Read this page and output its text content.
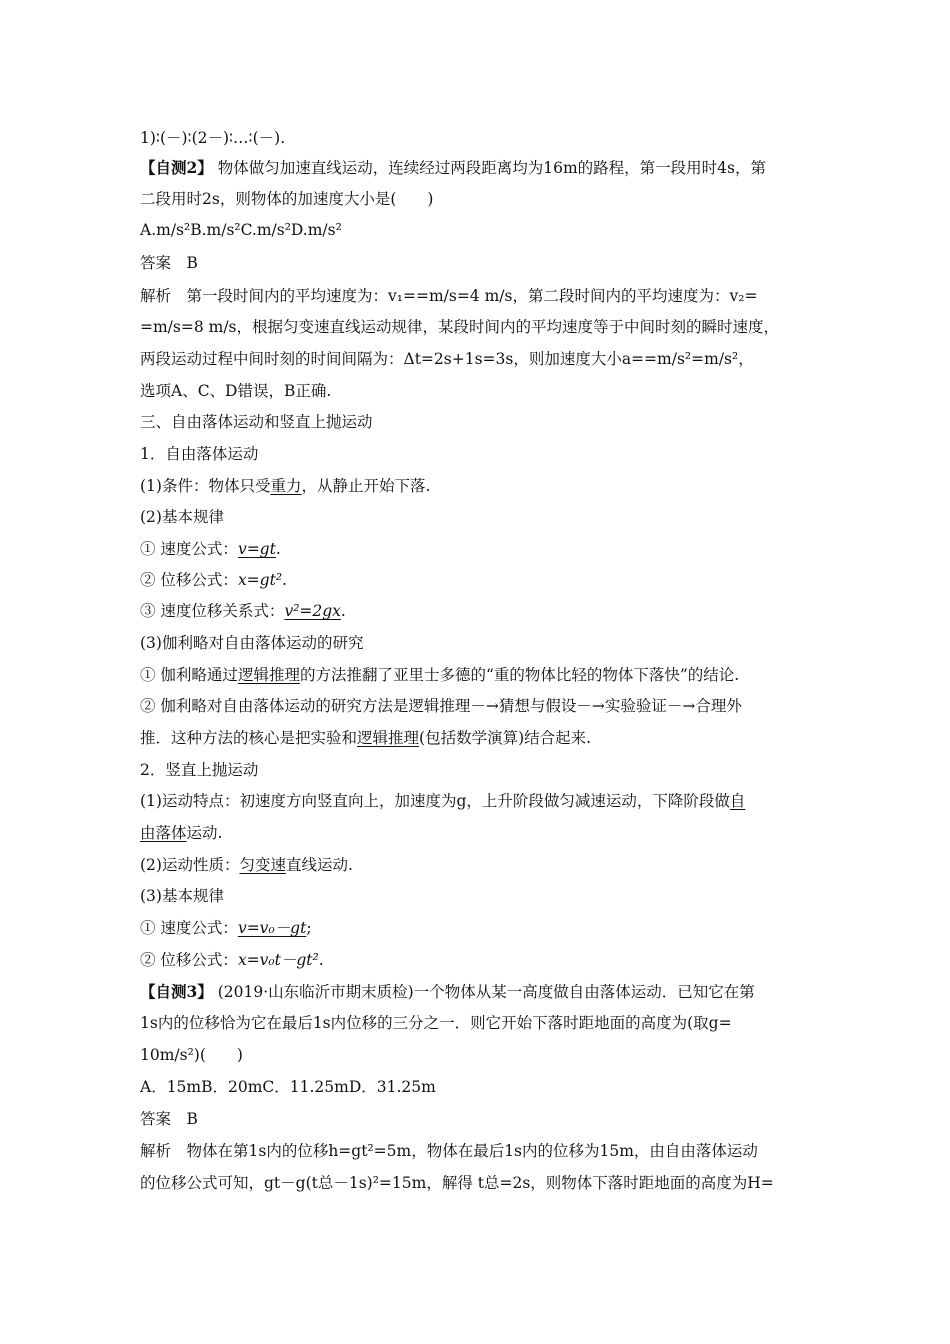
1)∶(－)∶(2－)∶…∶(－).
【自测2】 物体做匀加速直线运动，连续经过两段距离均为16m的路程，第一段用时4s，第
二段用时2s，则物体的加速度大小是(　　)
A.m/s²B.m/s²C.m/s²D.m/s²
答案　B
解析　第一段时间内的平均速度为：v₁==m/s=4 m/s，第二段时间内的平均速度为：v₂=
=m/s=8 m/s，根据匀变速直线运动规律，某段时间内的平均速度等于中间时刻的瞬时速度，
两段运动过程中间时刻的时间间隔为：Δt=2s+1s=3s，则加速度大小a==m/s²=m/s²，
选项A、C、D错误，B正确.
三、自由落体运动和竖直上抛运动
1．自由落体运动
(1)条件：物体只受重力，从静止开始下落.
(2)基本规律
① 速度公式：v=gt.
② 位移公式：x=gt².
③ 速度位移关系式：v²=2gx.
(3)伽利略对自由落体运动的研究
① 伽利略通过逻辑推理的方法推翻了亚里士多德的“重的物体比轻的物体下落快”的结论.
② 伽利略对自由落体运动的研究方法是逻辑推理－→猜想与假设－→实验验证－→合理外
推．这种方法的核心是把实验和逻辑推理(包括数学演算)结合起来.
2．竖直上抛运动
(1)运动特点：初速度方向竖直向上，加速度为g，上升阶段做匀减速运动，下降阶段做自
由落体运动.
(2)运动性质：匀变速直线运动.
(3)基本规律
① 速度公式：v=v₀－gt;
② 位移公式：x=v₀t－gt².
【自测3】 (2019·山东临沂市期末质检)一个物体从某一高度做自由落体运动．已知它在第
1s内的位移恰为它在最后1s内位移的三分之一．则它开始下落时距地面的高度为(取g=
10m/s²)(　　)
A．15mB．20mC．11.25mD．31.25m
答案　B
解析　物体在第1s内的位移h=gt²=5m，物体在最后1s内的位移为15m，由自由落体运动
的位移公式可知，gt－g(t总－1s)²=15m，解得 t总=2s，则物体下落时距地面的高度为H=
